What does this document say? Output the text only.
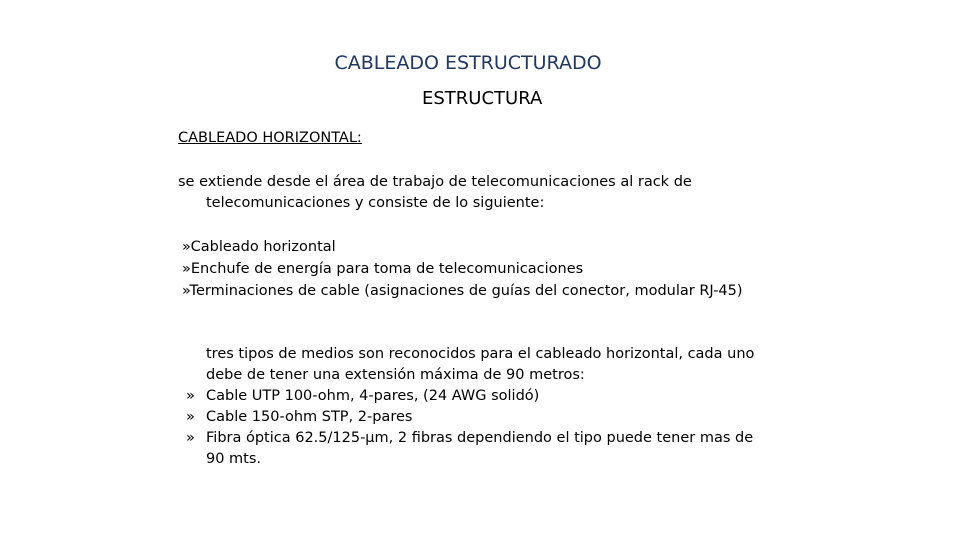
CABLEADO ESTRUCTURADO
ESTRUCTURA
CABLEADO HORIZONTAL:
se extiende desde el área de trabajo de telecomunicaciones al rack de
telecomunicaciones y consiste de lo siguiente:
»Cableado horizontal
»Enchufe de energía para toma de telecomunicaciones
»Terminaciones de cable (asignaciones de guías del conector, modular RJ-45)
tres tipos de medios son reconocidos para el cableado horizontal, cada uno
debe de tener una extensión máxima de 90 metros:
» Cable UTP 100-ohm, 4-pares, (24 AWG solidó)
» Cable 150-ohm STP, 2-pares
» Fibra óptica 62.5/125-µm, 2 fibras dependiendo el tipo puede tener mas de
90 mts.
